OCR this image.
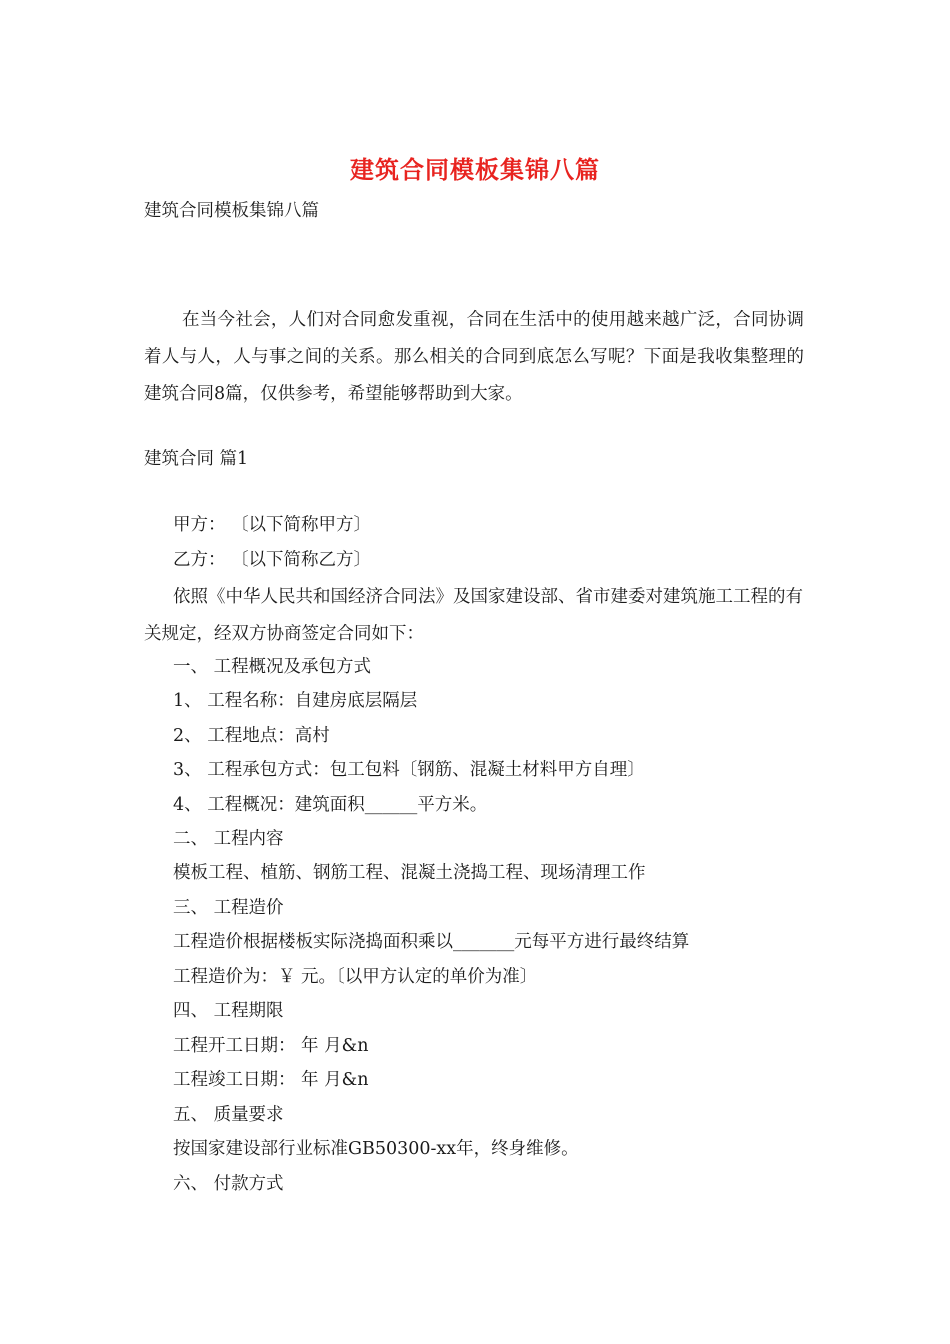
建筑合同模板集锦八篇
建筑合同模板集锦八篇
在当今社会，人们对合同愈发重视，合同在生活中的使用越来越广泛，合同协调着人与人，人与事之间的关系。那么相关的合同到底怎么写呢？下面是我收集整理的建筑合同8篇，仅供参考，希望能够帮助到大家。
建筑合同 篇1
甲方： 〔以下简称甲方〕
乙方： 〔以下简称乙方〕
依照《中华人民共和国经济合同法》及国家建设部、省市建委对建筑施工工程的有关规定，经双方协商签定合同如下：
一、 工程概况及承包方式
1、 工程名称：自建房底层隔层
2、 工程地点：高村
3、 工程承包方式：包工包料〔钢筋、混凝土材料甲方自理〕
4、 工程概况：建筑面积______平方米。
二、 工程内容
模板工程、植筋、钢筋工程、混凝土浇捣工程、现场清理工作
三、 工程造价
工程造价根据楼板实际浇捣面积乘以_______元每平方进行最终结算
工程造价为：￥ 元。〔以甲方认定的单价为准〕
四、 工程期限
工程开工日期： 年 月&n
工程竣工日期： 年 月&n
五、 质量要求
按国家建设部行业标准GB50300-xx年，终身维修。
六、 付款方式
